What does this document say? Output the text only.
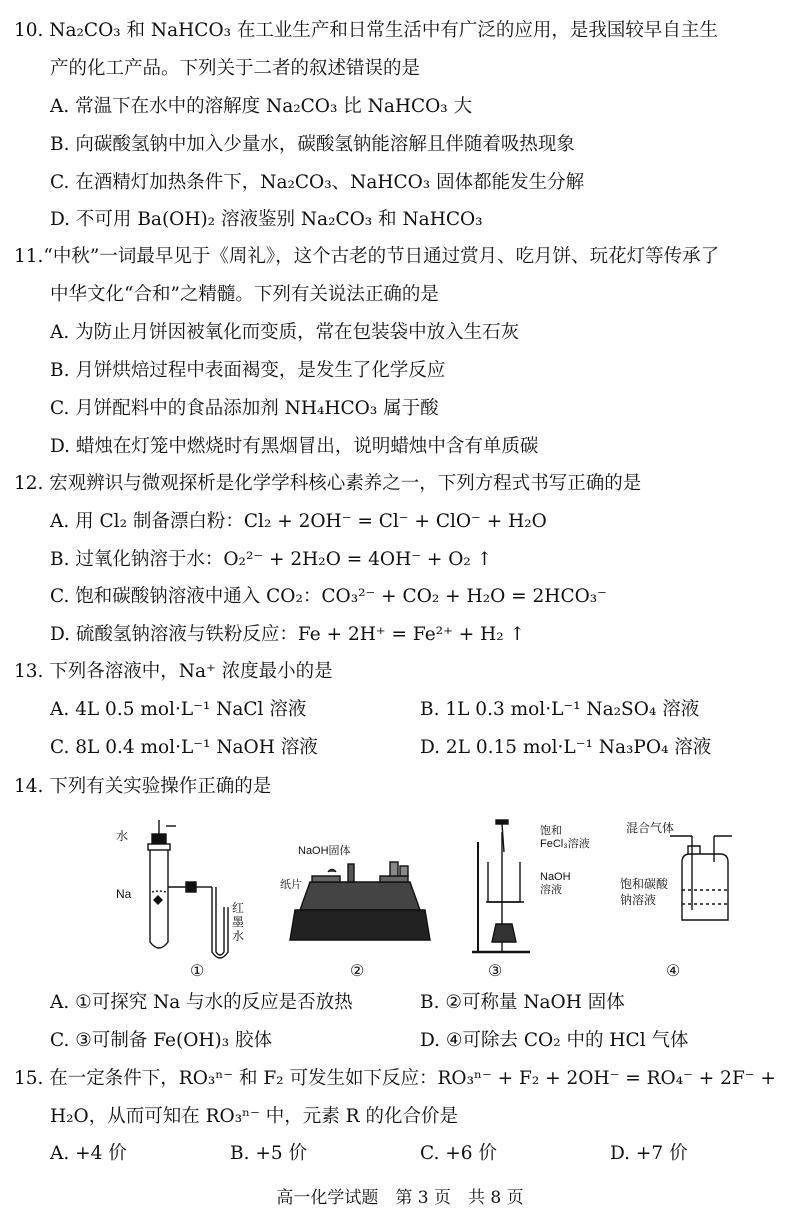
10. Na₂CO₃ 和 NaHCO₃ 在工业生产和日常生活中有广泛的应用，是我国较早自主生
产的化工产品。下列关于二者的叙述错误的是
A. 常温下在水中的溶解度 Na₂CO₃ 比 NaHCO₃ 大
B. 向碳酸氢钠中加入少量水，碳酸氢钠能溶解且伴随着吸热现象
C. 在酒精灯加热条件下，Na₂CO₃、NaHCO₃ 固体都能发生分解
D. 不可用 Ba(OH)₂ 溶液鉴别 Na₂CO₃ 和 NaHCO₃
11.“中秋”一词最早见于《周礼》，这个古老的节日通过赏月、吃月饼、玩花灯等传承了
中华文化“合和”之精髓。下列有关说法正确的是
A. 为防止月饼因被氧化而变质，常在包装袋中放入生石灰
B. 月饼烘焙过程中表面褐变，是发生了化学反应
C. 月饼配料中的食品添加剂 NH₄HCO₃ 属于酸
D. 蜡烛在灯笼中燃烧时有黑烟冒出，说明蜡烛中含有单质碳
12. 宏观辨识与微观探析是化学学科核心素养之一，下列方程式书写正确的是
A. 用 Cl₂ 制备漂白粉：Cl₂ + 2OH⁻ = Cl⁻ + ClO⁻ + H₂O
B. 过氧化钠溶于水：O₂²⁻ + 2H₂O = 4OH⁻ + O₂ ↑
C. 饱和碳酸钠溶液中通入 CO₂：CO₃²⁻ + CO₂ + H₂O = 2HCO₃⁻
D. 硫酸氢钠溶液与铁粉反应：Fe + 2H⁺ = Fe²⁺ + H₂ ↑
13. 下列各溶液中，Na⁺ 浓度最小的是
A. 4L 0.5 mol·L⁻¹ NaCl 溶液	B. 1L 0.3 mol·L⁻¹ Na₂SO₄ 溶液
C. 8L 0.4 mol·L⁻¹ NaOH 溶液	D. 2L 0.15 mol·L⁻¹ Na₃PO₄ 溶液
14. 下列有关实验操作正确的是
水
Na
红
墨
水
①
NaOH固体
纸片
②
饱和
FeCl₃溶液
NaOH
溶液
③
混合气体
饱和碳酸
钠溶液
④
A. ①可探究 Na 与水的反应是否放热	B. ②可称量 NaOH 固体
C. ③可制备 Fe(OH)₃ 胶体	D. ④可除去 CO₂ 中的 HCl 气体
15. 在一定条件下，RO₃ⁿ⁻ 和 F₂ 可发生如下反应：RO₃ⁿ⁻ + F₂ + 2OH⁻ = RO₄⁻ + 2F⁻ +
H₂O，从而可知在 RO₃ⁿ⁻ 中，元素 R 的化合价是
A. +4 价	B. +5 价	C. +6 价	D. +7 价
高一化学试题　第 3 页　共 8 页
